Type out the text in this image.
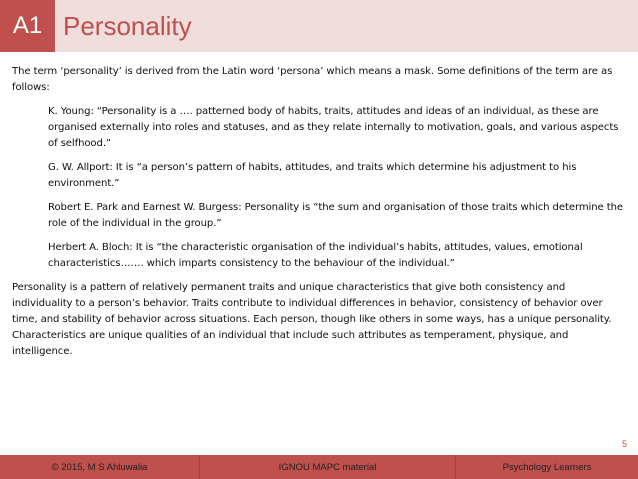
A1 Personality

The term ‘personality’ is derived from the Latin word ‘persona’ which means a mask. Some definitions of the term are as follows:

K. Young: “Personality is a …. patterned body of habits, traits, attitudes and ideas of an individual, as these are organised externally into roles and statuses, and as they relate internally to motivation, goals, and various aspects of selfhood.”

G. W. Allport: It is “a person’s pattern of habits, attitudes, and traits which determine his adjustment to his environment.”

Robert E. Park and Earnest W. Burgess: Personality is “the sum and organisation of those traits which determine the role of the individual in the group.”

Herbert A. Bloch: It is “the characteristic organisation of the individual’s habits, attitudes, values, emotional characteristics……. which imparts consistency to the behaviour of the individual.”

Personality is a pattern of relatively permanent traits and unique characteristics that give both consistency and individuality to a person’s behavior. Traits contribute to individual differences in behavior, consistency of behavior over time, and stability of behavior across situations. Each person, though like others in some ways, has a unique personality. Characteristics are unique qualities of an individual that include such attributes as temperament, physique, and intelligence.

5
© 2015, M S Ahluwalia	IGNOU MAPC material	Psychology Learners
